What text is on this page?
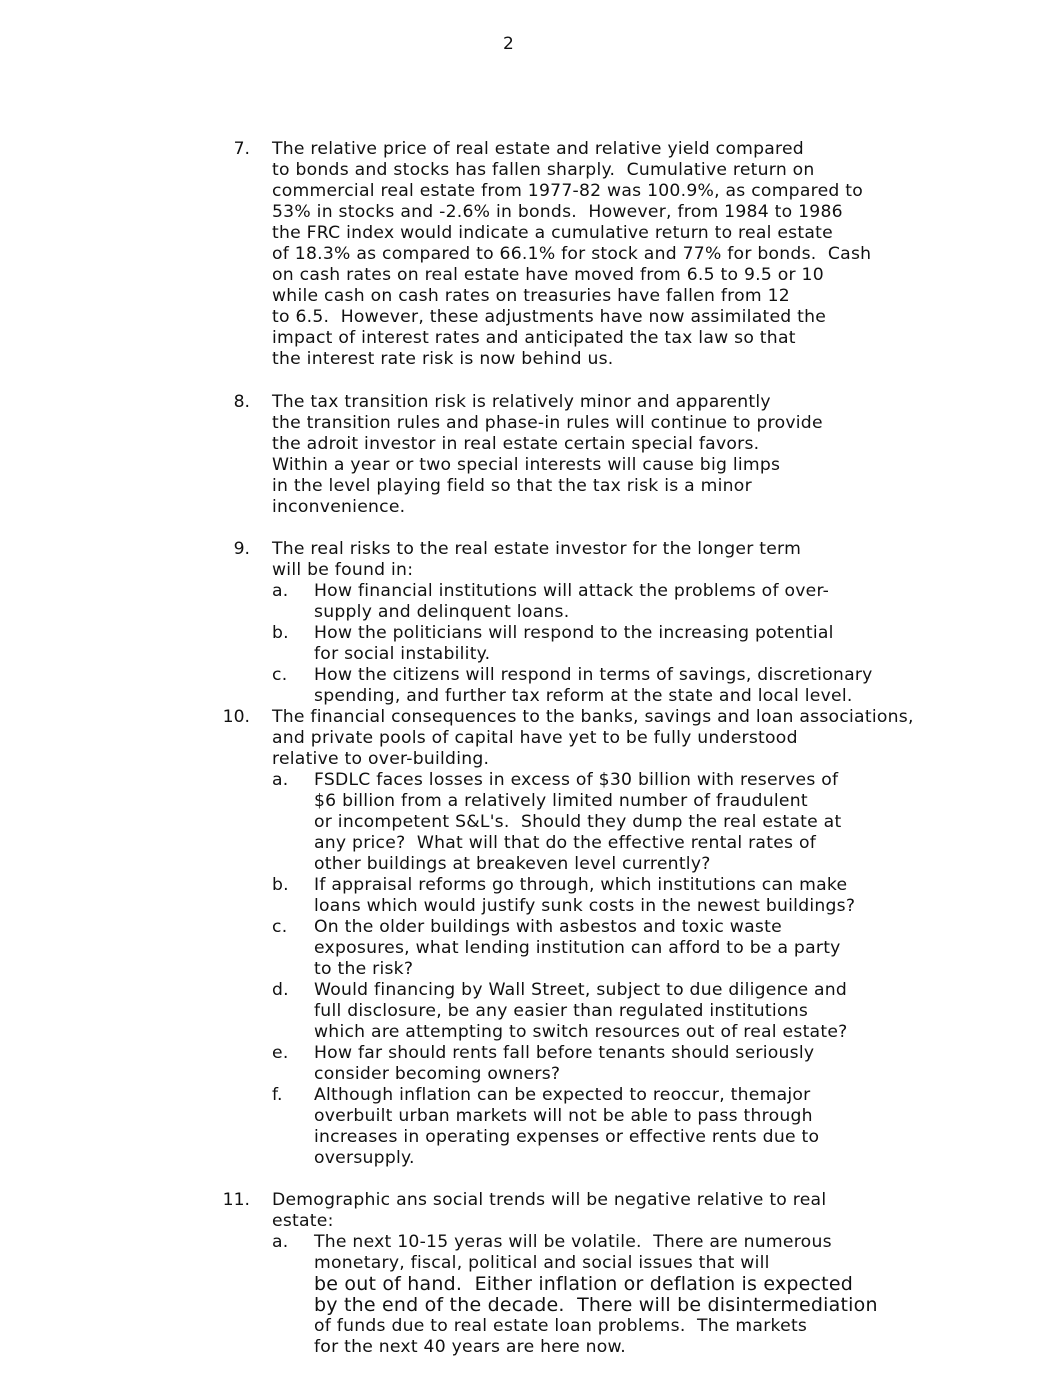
2
7. The relative price of real estate and relative yield compared
to bonds and stocks has fallen sharply.  Cumulative return on
commercial real estate from 1977-82 was 100.9%, as compared to
53% in stocks and -2.6% in bonds.  However, from 1984 to 1986
the FRC index would indicate a cumulative return to real estate
of 18.3% as compared to 66.1% for stock and 77% for bonds.  Cash
on cash rates on real estate have moved from 6.5 to 9.5 or 10
while cash on cash rates on treasuries have fallen from 12
to 6.5.  However, these adjustments have now assimilated the
impact of interest rates and anticipated the tax law so that
the interest rate risk is now behind us.
8. The tax transition risk is relatively minor and apparently
the transition rules and phase-in rules will continue to provide
the adroit investor in real estate certain special favors.
Within a year or two special interests will cause big limps
in the level playing field so that the tax risk is a minor
inconvenience.
9. The real risks to the real estate investor for the longer term
will be found in:
a. How financial institutions will attack the problems of over-
supply and delinquent loans.
b. How the politicians will respond to the increasing potential
for social instability.
c. How the citizens will respond in terms of savings, discretionary
spending, and further tax reform at the state and local level.
10. The financial consequences to the banks, savings and loan associations,
and private pools of capital have yet to be fully understood
relative to over-building.
a. FSDLC faces losses in excess of $30 billion with reserves of
$6 billion from a relatively limited number of fraudulent
or incompetent S&L's.  Should they dump the real estate at
any price?  What will that do the effective rental rates of
other buildings at breakeven level currently?
b. If appraisal reforms go through, which institutions can make
loans which would justify sunk costs in the newest buildings?
c. On the older buildings with asbestos and toxic waste
exposures, what lending institution can afford to be a party
to the risk?
d. Would financing by Wall Street, subject to due diligence and
full disclosure, be any easier than regulated institutions
which are attempting to switch resources out of real estate?
e. How far should rents fall before tenants should seriously
consider becoming owners?
f. Although inflation can be expected to reoccur, themajor
overbuilt urban markets will not be able to pass through
increases in operating expenses or effective rents due to
oversupply.
11. Demographic ans social trends will be negative relative to real
estate:
a. The next 10-15 yeras will be volatile.  There are numerous
monetary, fiscal, political and social issues that will
be out of hand.  Either inflation or deflation is expected
by the end of the decade.  There will be disintermediation
of funds due to real estate loan problems.  The markets
for the next 40 years are here now.
